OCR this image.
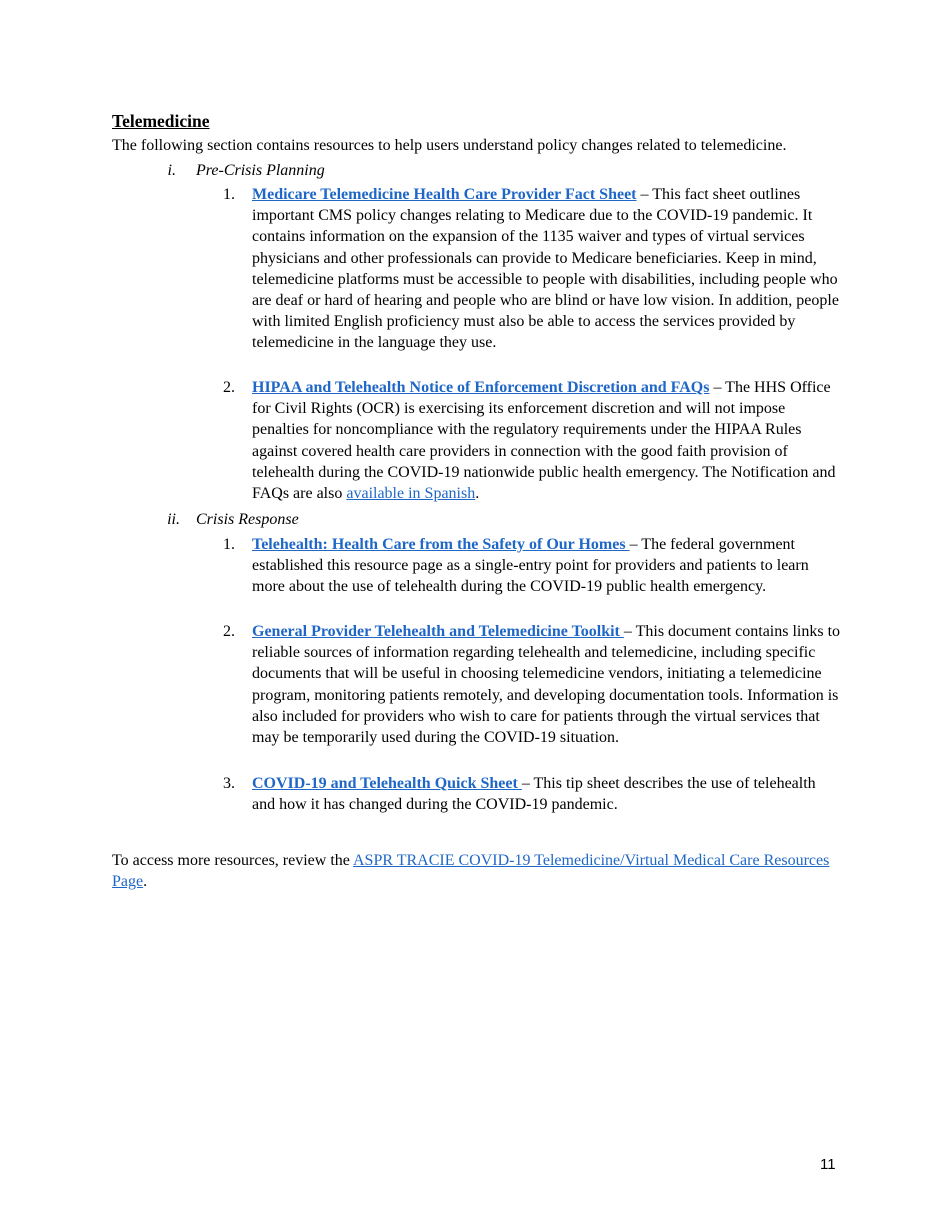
Telemedicine
The following section contains resources to help users understand policy changes related to telemedicine.
i. Pre-Crisis Planning
1. Medicare Telemedicine Health Care Provider Fact Sheet – This fact sheet outlines important CMS policy changes relating to Medicare due to the COVID-19 pandemic. It contains information on the expansion of the 1135 waiver and types of virtual services physicians and other professionals can provide to Medicare beneficiaries. Keep in mind, telemedicine platforms must be accessible to people with disabilities, including people who are deaf or hard of hearing and people who are blind or have low vision. In addition, people with limited English proficiency must also be able to access the services provided by telemedicine in the language they use.
2. HIPAA and Telehealth Notice of Enforcement Discretion and FAQs – The HHS Office for Civil Rights (OCR) is exercising its enforcement discretion and will not impose penalties for noncompliance with the regulatory requirements under the HIPAA Rules against covered health care providers in connection with the good faith provision of telehealth during the COVID-19 nationwide public health emergency. The Notification and FAQs are also available in Spanish.
ii. Crisis Response
1. Telehealth: Health Care from the Safety of Our Homes – The federal government established this resource page as a single-entry point for providers and patients to learn more about the use of telehealth during the COVID-19 public health emergency.
2. General Provider Telehealth and Telemedicine Toolkit – This document contains links to reliable sources of information regarding telehealth and telemedicine, including specific documents that will be useful in choosing telemedicine vendors, initiating a telemedicine program, monitoring patients remotely, and developing documentation tools. Information is also included for providers who wish to care for patients through the virtual services that may be temporarily used during the COVID-19 situation.
3. COVID-19 and Telehealth Quick Sheet – This tip sheet describes the use of telehealth and how it has changed during the COVID-19 pandemic.
To access more resources, review the ASPR TRACIE COVID-19 Telemedicine/Virtual Medical Care Resources Page.
11
